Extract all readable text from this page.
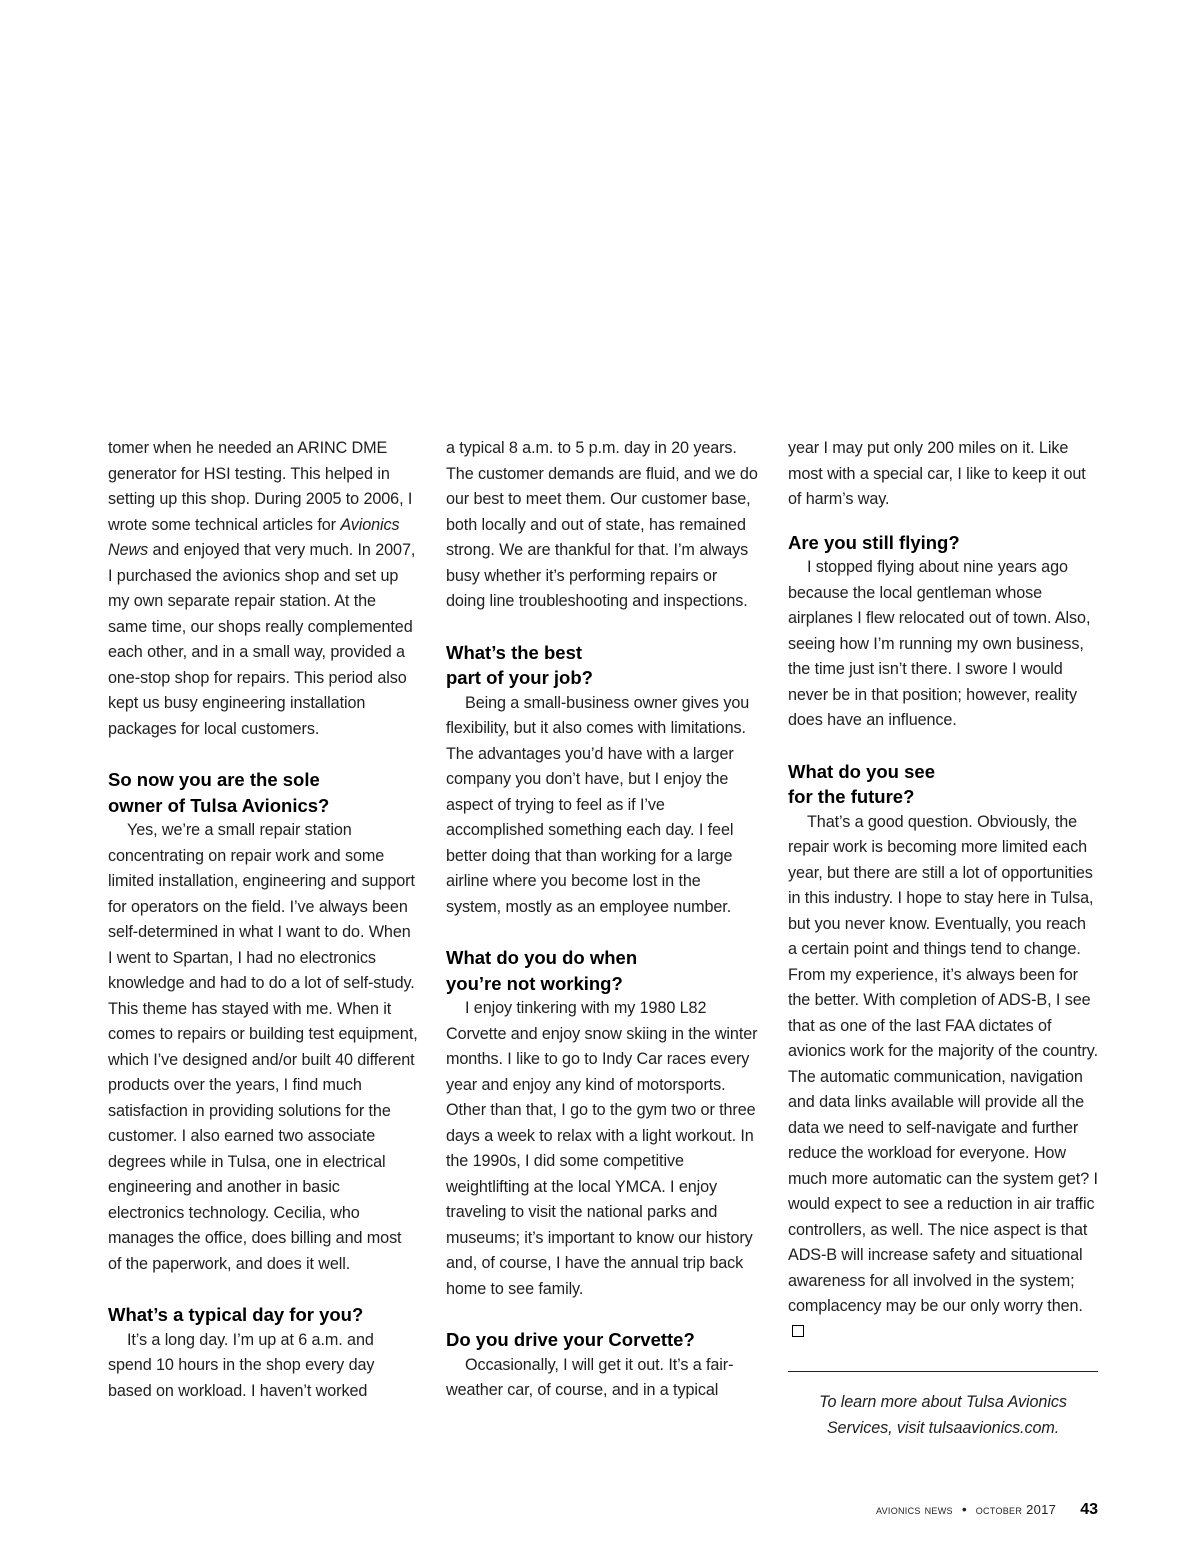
tomer when he needed an ARINC DME generator for HSI testing. This helped in setting up this shop. During 2005 to 2006, I wrote some technical articles for Avionics News and enjoyed that very much. In 2007, I purchased the avionics shop and set up my own separate repair station. At the same time, our shops really complemented each other, and in a small way, provided a one-stop shop for repairs. This period also kept us busy engineering installation packages for local customers.

So now you are the sole
owner of Tulsa Avionics?

Yes, we’re a small repair station concentrating on repair work and some limited installation, engineering and support for operators on the field. I’ve always been self-determined in what I want to do. When I went to Spartan, I had no electronics knowledge and had to do a lot of self-study. This theme has stayed with me. When it comes to repairs or building test equipment, which I’ve designed and/or built 40 different products over the years, I find much satisfaction in providing solutions for the customer. I also earned two associate degrees while in Tulsa, one in electrical engineering and another in basic electronics technology. Cecilia, who manages the office, does billing and most of the paperwork, and does it well.

What’s a typical day for you?

It’s a long day. I’m up at 6 a.m. and spend 10 hours in the shop every day based on workload. I haven’t worked

a typical 8 a.m. to 5 p.m. day in 20 years. The customer demands are fluid, and we do our best to meet them. Our customer base, both locally and out of state, has remained strong. We are thankful for that. I’m always busy whether it’s performing repairs or doing line troubleshooting and inspections.

What’s the best
part of your job?

Being a small-business owner gives you flexibility, but it also comes with limitations. The advantages you’d have with a larger company you don’t have, but I enjoy the aspect of trying to feel as if I’ve accomplished something each day. I feel better doing that than working for a large airline where you become lost in the system, mostly as an employee number.

What do you do when
you’re not working?

I enjoy tinkering with my 1980 L82 Corvette and enjoy snow skiing in the winter months. I like to go to Indy Car races every year and enjoy any kind of motorsports. Other than that, I go to the gym two or three days a week to relax with a light workout. In the 1990s, I did some competitive weightlifting at the local YMCA. I enjoy traveling to visit the national parks and museums; it’s important to know our history and, of course, I have the annual trip back home to see family.

Do you drive your Corvette?

Occasionally, I will get it out. It’s a fair-weather car, of course, and in a typical

year I may put only 200 miles on it. Like most with a special car, I like to keep it out of harm’s way.

Are you still flying?

I stopped flying about nine years ago because the local gentleman whose airplanes I flew relocated out of town. Also, seeing how I’m running my own business, the time just isn’t there. I swore I would never be in that position; however, reality does have an influence.

What do you see
for the future?

That’s a good question. Obviously, the repair work is becoming more limited each year, but there are still a lot of opportunities in this industry. I hope to stay here in Tulsa, but you never know. Eventually, you reach a certain point and things tend to change. From my experience, it’s always been for the better. With completion of ADS-B, I see that as one of the last FAA dictates of avionics work for the majority of the country. The automatic communication, navigation and data links available will provide all the data we need to self-navigate and further reduce the workload for everyone. How much more automatic can the system get? I would expect to see a reduction in air traffic controllers, as well. The nice aspect is that ADS-B will increase safety and situational awareness for all involved in the system; complacency may be our only worry then.

To learn more about Tulsa Avionics
Services, visit tulsaavionics.com.

avionics news • october 2017 43
